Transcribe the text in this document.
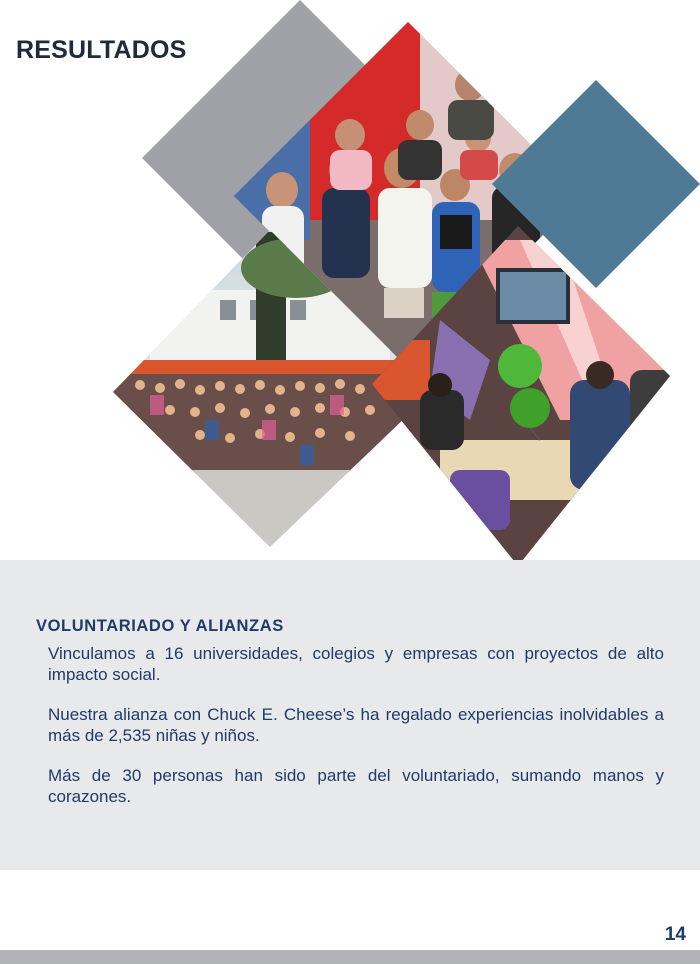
RESULTADOS
VOLUNTARIADO Y ALIANZAS

Vinculamos a 16 universidades, colegios y empresas con proyectos de alto impacto social.

Nuestra alianza con Chuck E. Cheese’s ha regalado experiencias inolvidables a más de 2,535 niñas y niños.

Más de 30 personas han sido parte del voluntariado, sumando manos y corazones.

14
